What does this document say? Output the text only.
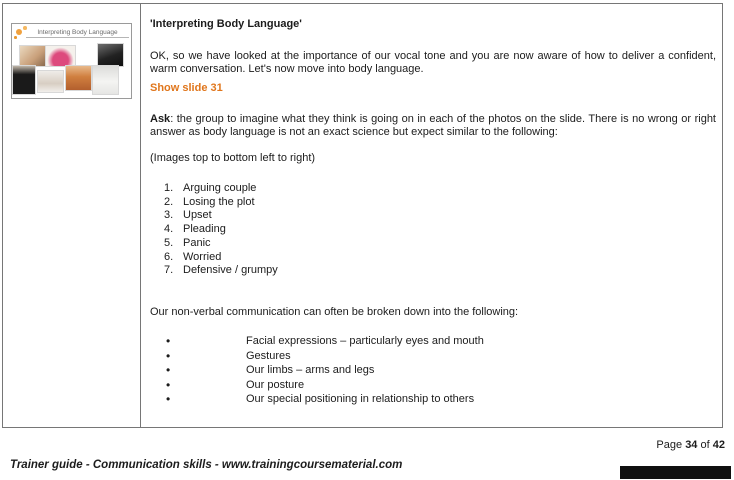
Interpreting Body Language
'Interpreting Body Language'
OK, so we have looked at the importance of our vocal tone and you are now aware of how to deliver a confident, warm conversation. Let's now move into body language.
Show slide 31
Ask: the group to imagine what they think is going on in each of the photos on the slide. There is no wrong or right answer as body language is not an exact science but expect similar to the following:
(Images top to bottom left to right)
Arguing couple
Losing the plot
Upset
Pleading
Panic
Worried
Defensive / grumpy
Our non-verbal communication can often be broken down into the following:
• Facial expressions – particularly eyes and mouth
• Gestures
• Our limbs – arms and legs
• Our posture
• Our special positioning in relationship to others
Page 34 of 42
Trainer guide - Communication skills - www.trainingcoursematerial.com
